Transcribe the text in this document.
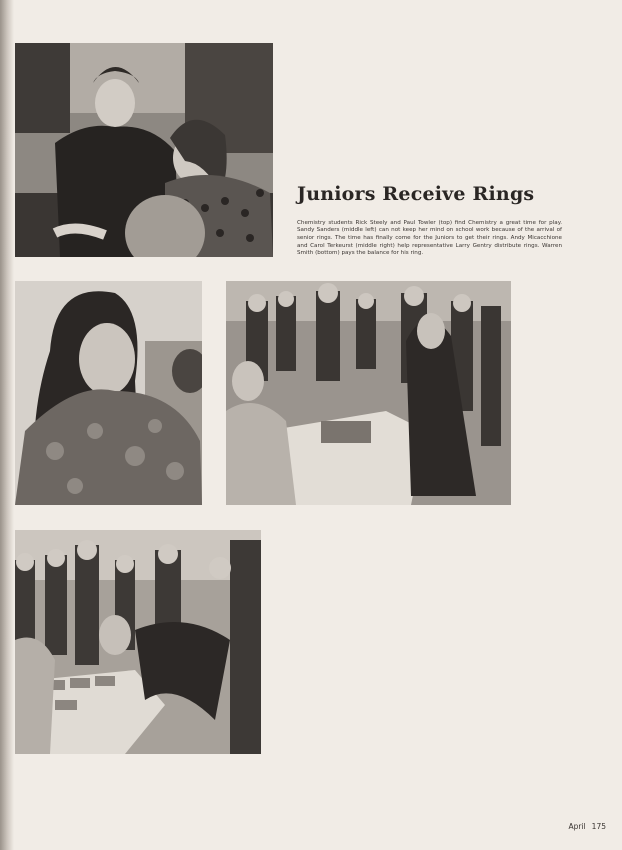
Juniors Receive Rings

Chemistry students Rick Steely and Paul Towler (top) find Chemistry a great time for play. Sandy Sanders (middle left) can not keep her mind on school work because of the arrival of senior rings. The time has finally come for the Juniors to get their rings. Andy Micacchione and Carol Terkeurst (middle right) help representative Larry Gentry distribute rings. Warren Smith (bottom) pays the balance for his ring.

April 175
